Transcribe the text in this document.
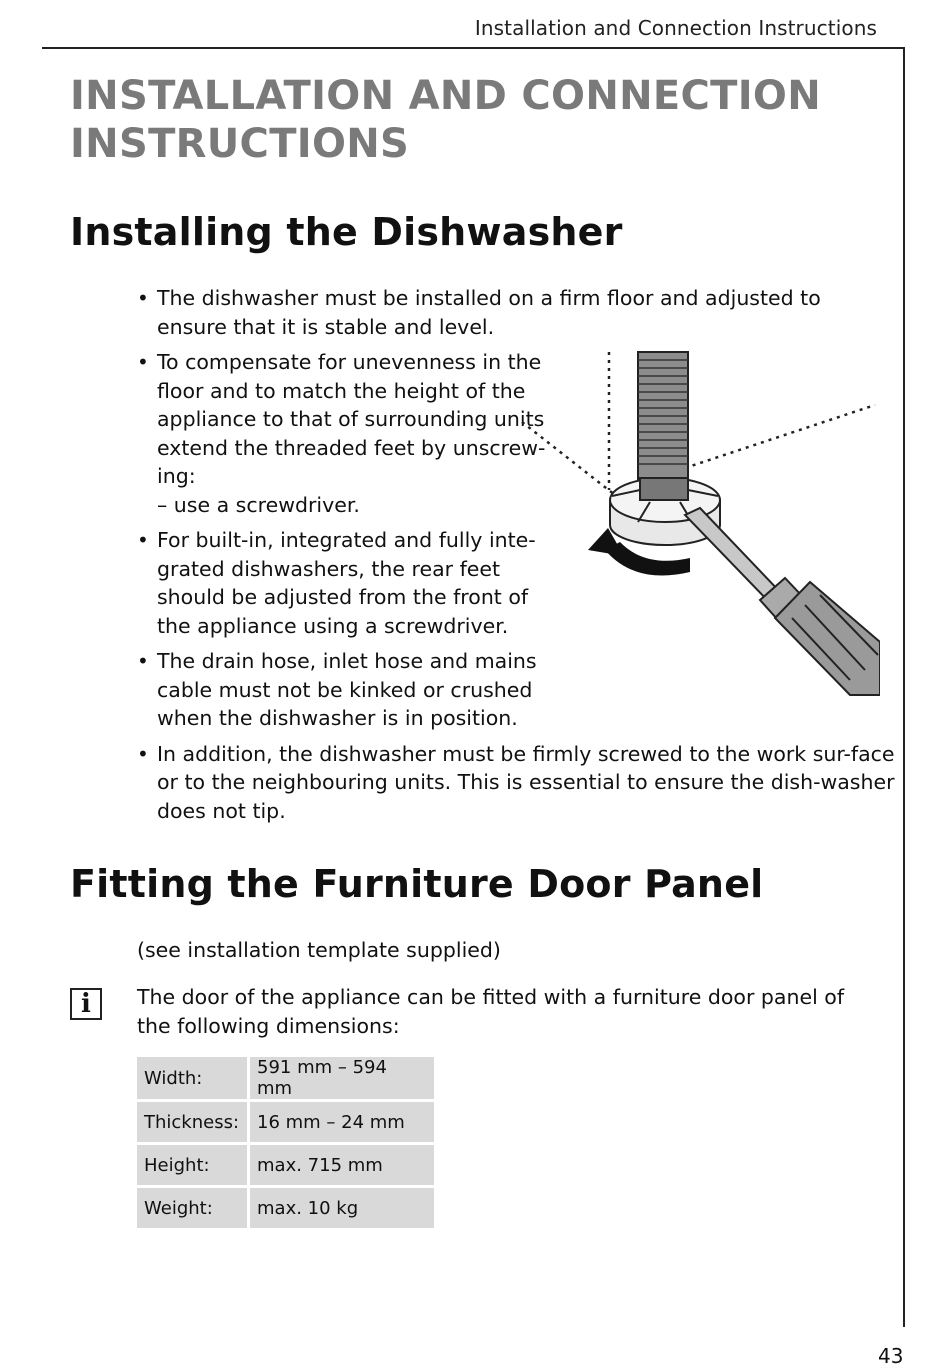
Installation and Connection Instructions
INSTALLATION AND CONNECTION
INSTRUCTIONS
Installing the Dishwasher
• The dishwasher must be installed on a firm floor and adjusted to ensure that it is stable and level.
• To compensate for unevenness in the floor and to match the height of the appliance to that of surrounding units extend the threaded feet by unscrew-ing:
– use a screwdriver.
• For built-in, integrated and fully inte-grated dishwashers, the rear feet should be adjusted from the front of the appliance using a screwdriver.
• The drain hose, inlet hose and mains cable must not be kinked or crushed when the dishwasher is in position.
• In addition, the dishwasher must be firmly screwed to the work sur-face or to the neighbouring units. This is essential to ensure the dish-washer does not tip.
Fitting the Furniture Door Panel
(see installation template supplied)
i The door of the appliance can be fitted with a furniture door panel of the following dimensions:
Width:	591 mm – 594 mm
Thickness:	16 mm – 24 mm
Height:	max. 715 mm
Weight:	max. 10 kg
43
